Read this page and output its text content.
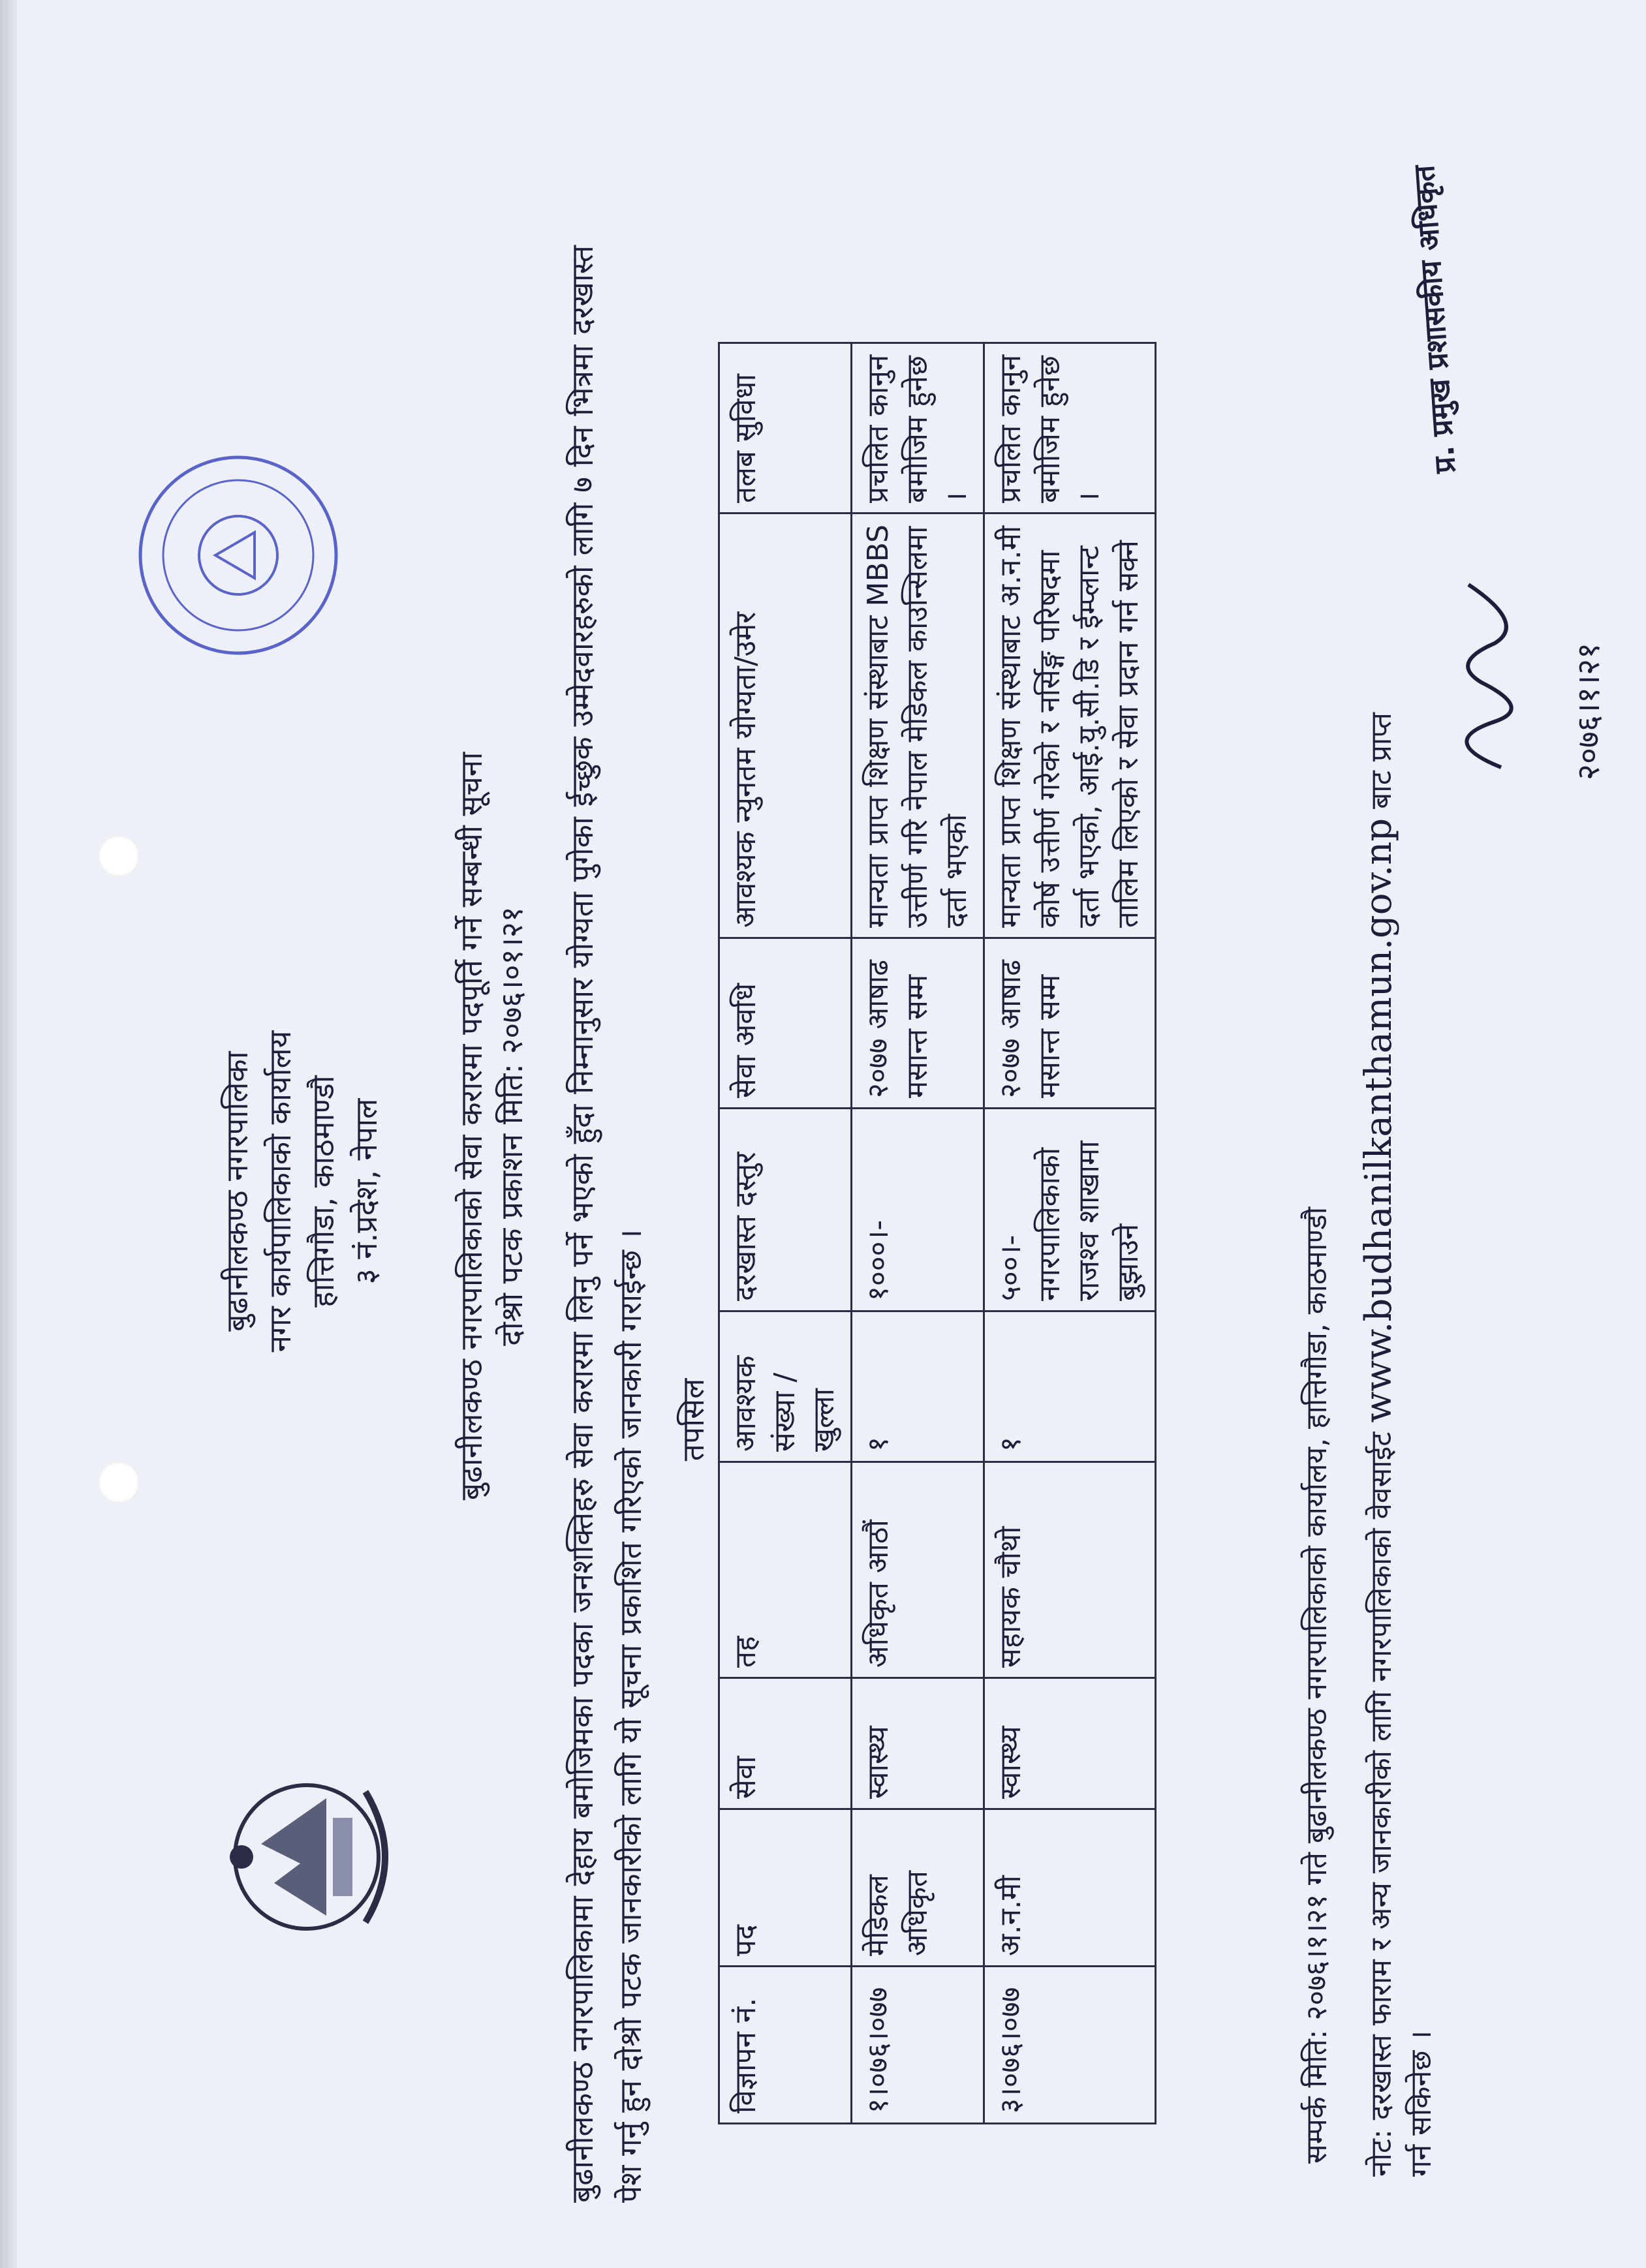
बुढानीलकण्ठ नगरपालिका नगर कार्यपालिकाको कार्यालय हात्तिगौडा, काठमाण्डौ ३ नं.प्रदेश, नेपाल बुढानीलकण्ठ नगरपालिकाको सेवा करारमा पदपूर्ति गर्ने सम्बन्धी सूचना दोश्रो पटक प्रकाशन मिति: २०७६।०१।२१ बुढानीलकण्ठ नगरपालिकामा देहाय बमोजिमका पदका जनशक्तिहरु सेवा करारमा लिनु पर्ने भएको हुँदा निम्नानुसार योग्यता पुगेका ईच्छुक उम्मेदवारहरुको लागि ७ दिन भित्रमा दरखास्त पेश गर्नु हुन दोश्रो पटक जानकारीको लागि यो सूचना प्रकाशित गरिएको जानकारी गराईन्छ । तपसिल
विज्ञापन नं.	पद	सेवा	तह	आवश्यक संख्या /खुल्ला	दरखास्त दस्तुर	सेवा अवधि	आवश्यक न्युनतम योग्यता/उमेर	तलब सुविधा
१।०७६।०७७	मेडिकल अधिकृत	स्वास्थ्य	अधिकृत आठौं	१	१०००।-	२०७७ आषाढ मसान्त सम्म	मान्यता प्राप्त शिक्षण संस्थाबाट MBBS उत्तीर्ण गरि नेपाल मेडिकल काउन्सिलमा दर्ता भएको	प्रचलित कानुन बमोजिम हुनेछ ।
३।०७६।०७७	अ.न.मी	स्वास्थ्य	सहायक चौथो	१	५००।- नगरपालिकाको राजश्व शाखामा बुझाउने	२०७७ आषाढ मसान्त सम्म	मान्यता प्राप्त शिक्षण संस्थाबाट अ.न.मी कोर्ष उत्तीर्ण गरेको र नर्सिङ्ग परिषदमा दर्ता भएको, आई.यु.सी.डि र ईम्प्लान्ट तालिम लिएको र सेवा प्रदान गर्न सक्ने	प्रचलित कानुन बमोजिम हुनेछ ।
सम्पर्क मिति: २०७६।१।२१ गते बुढानीलकण्ठ नगरपालिकाको कार्यालय, हात्तिगौडा, काठमाण्डौ नोट: दरखास्त फाराम र अन्य जानकारीको लागि नगरपालिकाको वेवसाईट www.budhanilkanthamun.gov.np बाट प्राप्त गर्न सकिनेछ ।
२०७६।१।२१
प्र. प्रमुख प्रशासकीय अधिकृत
